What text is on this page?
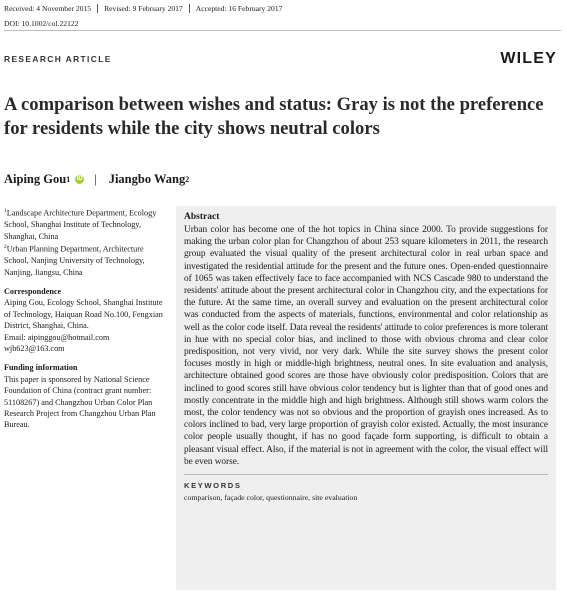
Received: 4 November 2015 Revised: 9 February 2017 Accepted: 16 February 2017
DOI: 10.1002/col.22122
RESEARCH ARTICLE	WILEY
A comparison between wishes and status: Gray is not the preference for residents while the city shows neutral colors
Aiping Gou 1 iD | Jiangbo Wang 2

$^1$Landscape Architecture Department, Ecology School, Shanghai Institute of Technology, Shanghai, China

$^2$Urban Planning Department, Architecture School, Nanjing University of Technology, Nanjing, Jiangsu, China

Correspondence

Aiping Gou, Ecology School, Shanghai Institute of Technology, Haiquan Road No.100, Fengxian District, Shanghai, China.

Email: aipinggou@hotmail.com

wjb623@163.com

Funding information

This paper is sponsored by National Science Foundation of China (contract grant number: 51108267) and Changzhou Urban Color Plan Research Project from Changzhou Urban Plan Bureau.

Abstract

Urban color has become one of the hot topics in China since 2000. To provide suggestions for making the urban color plan for Changzhou of about 253 square kilometers in 2011, the research group evaluated the visual quality of the present architectural color in real urban space and investigated the residential attitude for the present and the future ones. Open-ended questionnaire of 1065 was taken effectively face to face accompanied with NCS Cascade 980 to understand the residents' attitude about the present architectural color in Changzhou city, and the expectations for the future. At the same time, an overall survey and evaluation on the present architectural color was conducted from the aspects of materials, functions, environmental and color relationship as well as the color code itself. Data reveal the residents' attitude to color preferences is more tolerant in hue with no special color bias, and inclined to those with obvious chroma and clear color predisposition, not very vivid, nor very dark. While the site survey shows the present color focuses mostly in high or middle-high brightness, neutral ones. In site evaluation and analysis, architecture obtained good scores are those have obviously color predisposition. Colors that are inclined to good scores still have obvious color tendency but is lighter than that of good ones and mostly concentrate in the middle high and high brightness. Although still shows warm colors the most, the color tendency was not so obvious and the proportion of grayish ones increased. As to colors inclined to bad, very large proportion of grayish color existed. Actually, the most insurance color people usually thought, if has no good façade form supporting, is difficult to obtain a pleasant visual effect. Also, if the material is not in agreement with the color, the visual effect will be even worse.

KEYWORDS
comparison, façade color, questionnaire, site evaluation
